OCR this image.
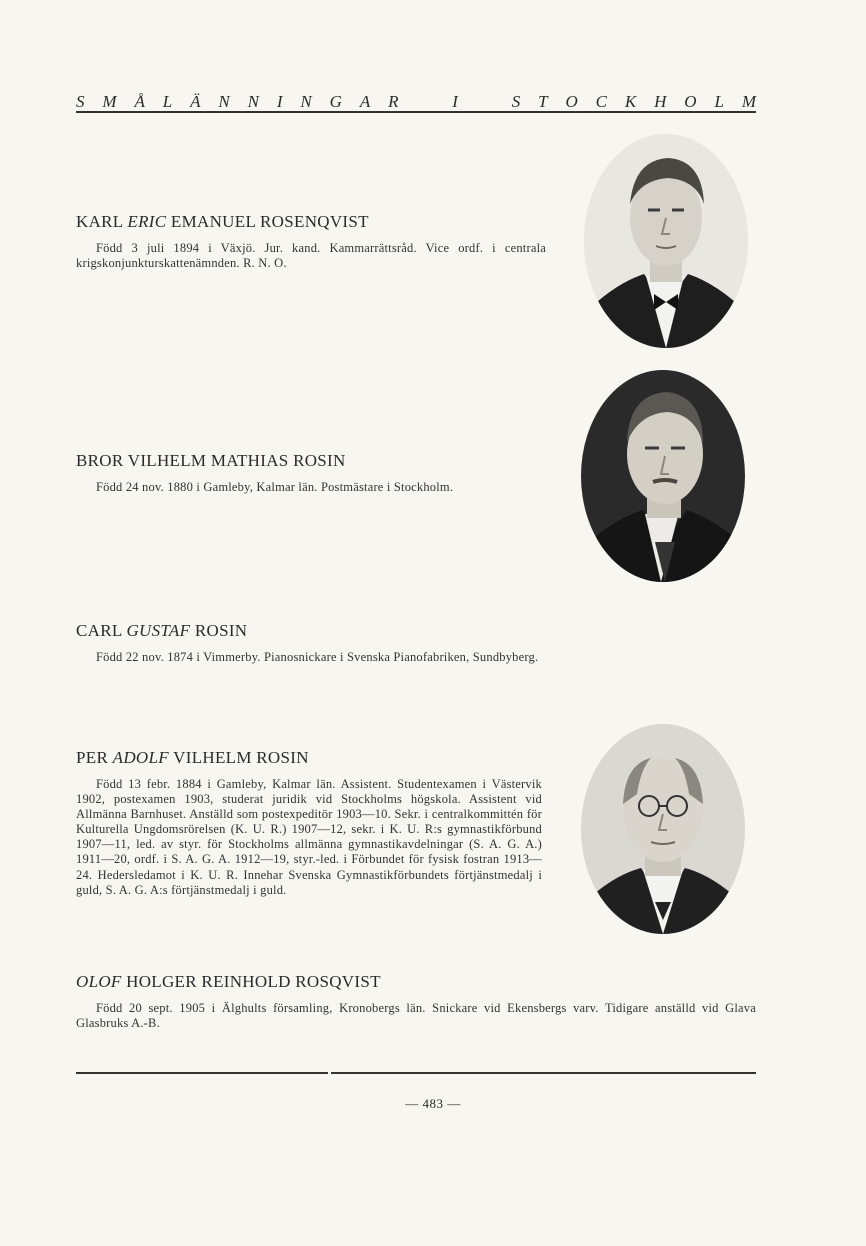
S M Å L Ä N N I N G A R	I	S T O C K H O L M
KARL ERIC EMANUEL ROSENQVIST
Född 3 juli 1894 i Växjö. Jur. kand. Kammarrättsråd. Vice ordf. i centrala krigskonjunkturskattenämnden. R. N. O.
BROR VILHELM MATHIAS ROSIN
Född 24 nov. 1880 i Gamleby, Kalmar län. Postmästare i Stockholm.
CARL GUSTAF ROSIN
Född 22 nov. 1874 i Vimmerby. Pianosnickare i Svenska Pianofabriken, Sundbyberg.
PER ADOLF VILHELM ROSIN
Född 13 febr. 1884 i Gamleby, Kalmar län. Assistent. Studentexamen i Västervik 1902, postexamen 1903, studerat juridik vid Stockholms högskola. Assistent vid Allmänna Barnhuset. Anställd som postexpeditör 1903—10. Sekr. i centralkommittén för Kulturella Ungdomsrörelsen (K. U. R.) 1907—12, sekr. i K. U. R:s gymnastikförbund 1907—11, led. av styr. för Stockholms allmänna gymnastikavdelningar (S. A. G. A.) 1911—20, ordf. i S. A. G. A. 1912—19, styr.-led. i Förbundet för fysisk fostran 1913—24. Hedersledamot i K. U. R. Innehar Svenska Gymnastikförbundets förtjänstmedalj i guld, S. A. G. A:s förtjänstmedalj i guld.
OLOF HOLGER REINHOLD ROSQVIST
Född 20 sept. 1905 i Älghults församling, Kronobergs län. Snickare vid Ekensbergs varv. Tidigare anställd vid Glava Glasbruks A.-B.
— 483 —
